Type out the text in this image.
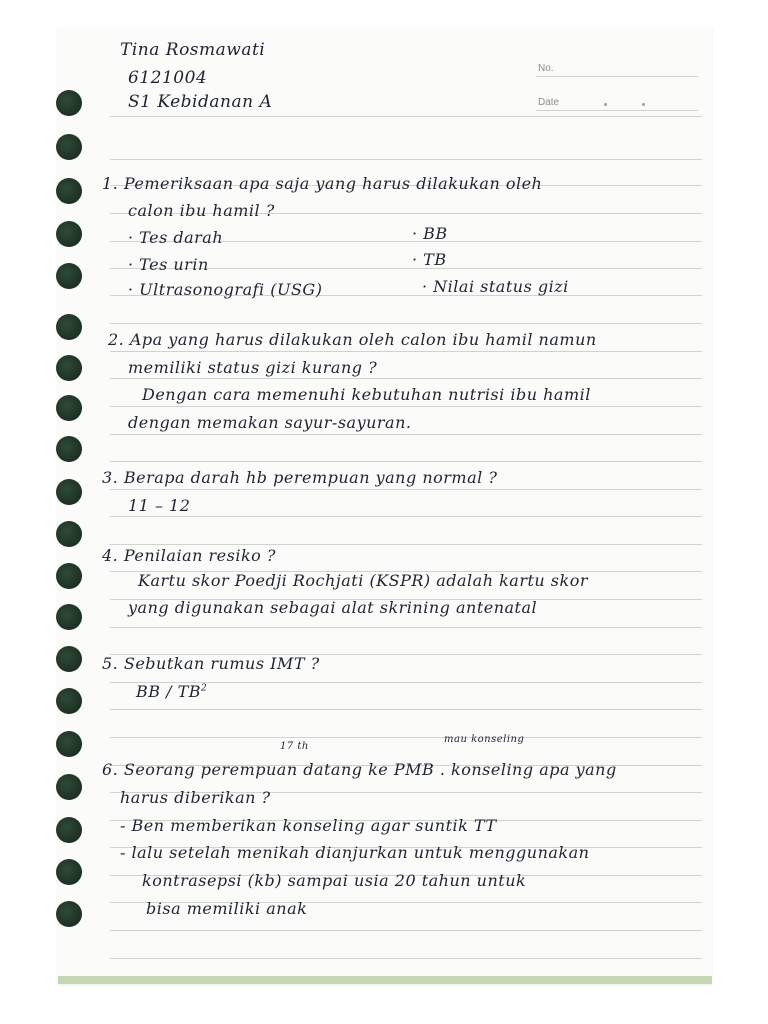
No.
Date
Tina Rosmawati
6121004
S1 Kebidanan A
1. Pemeriksaan apa saja yang harus dilakukan oleh
calon ibu hamil ?
· Tes darah	· BB
· Tes urin	· TB
· Ultrasonografi (USG)	· Nilai status gizi
2. Apa yang harus dilakukan oleh calon ibu hamil namun
memiliki status gizi kurang ?
Dengan cara memenuhi kebutuhan nutrisi ibu hamil
dengan memakan sayur-sayuran.
3. Berapa darah hb perempuan yang normal ?
11 – 12
4. Penilaian resiko ?
Kartu skor Poedji Rochjati (KSPR) adalah kartu skor
yang digunakan sebagai alat skrining antenatal
5. Sebutkan rumus IMT ?
BB / $TB^2$
17 th
mau konseling
6. Seorang perempuan datang ke PMB . konseling apa yang
harus diberikan ?
- Ben memberikan konseling agar suntik TT
- lalu setelah menikah dianjurkan untuk menggunakan
kontrasepsi (kb) sampai usia 20 tahun untuk
bisa memiliki anak
